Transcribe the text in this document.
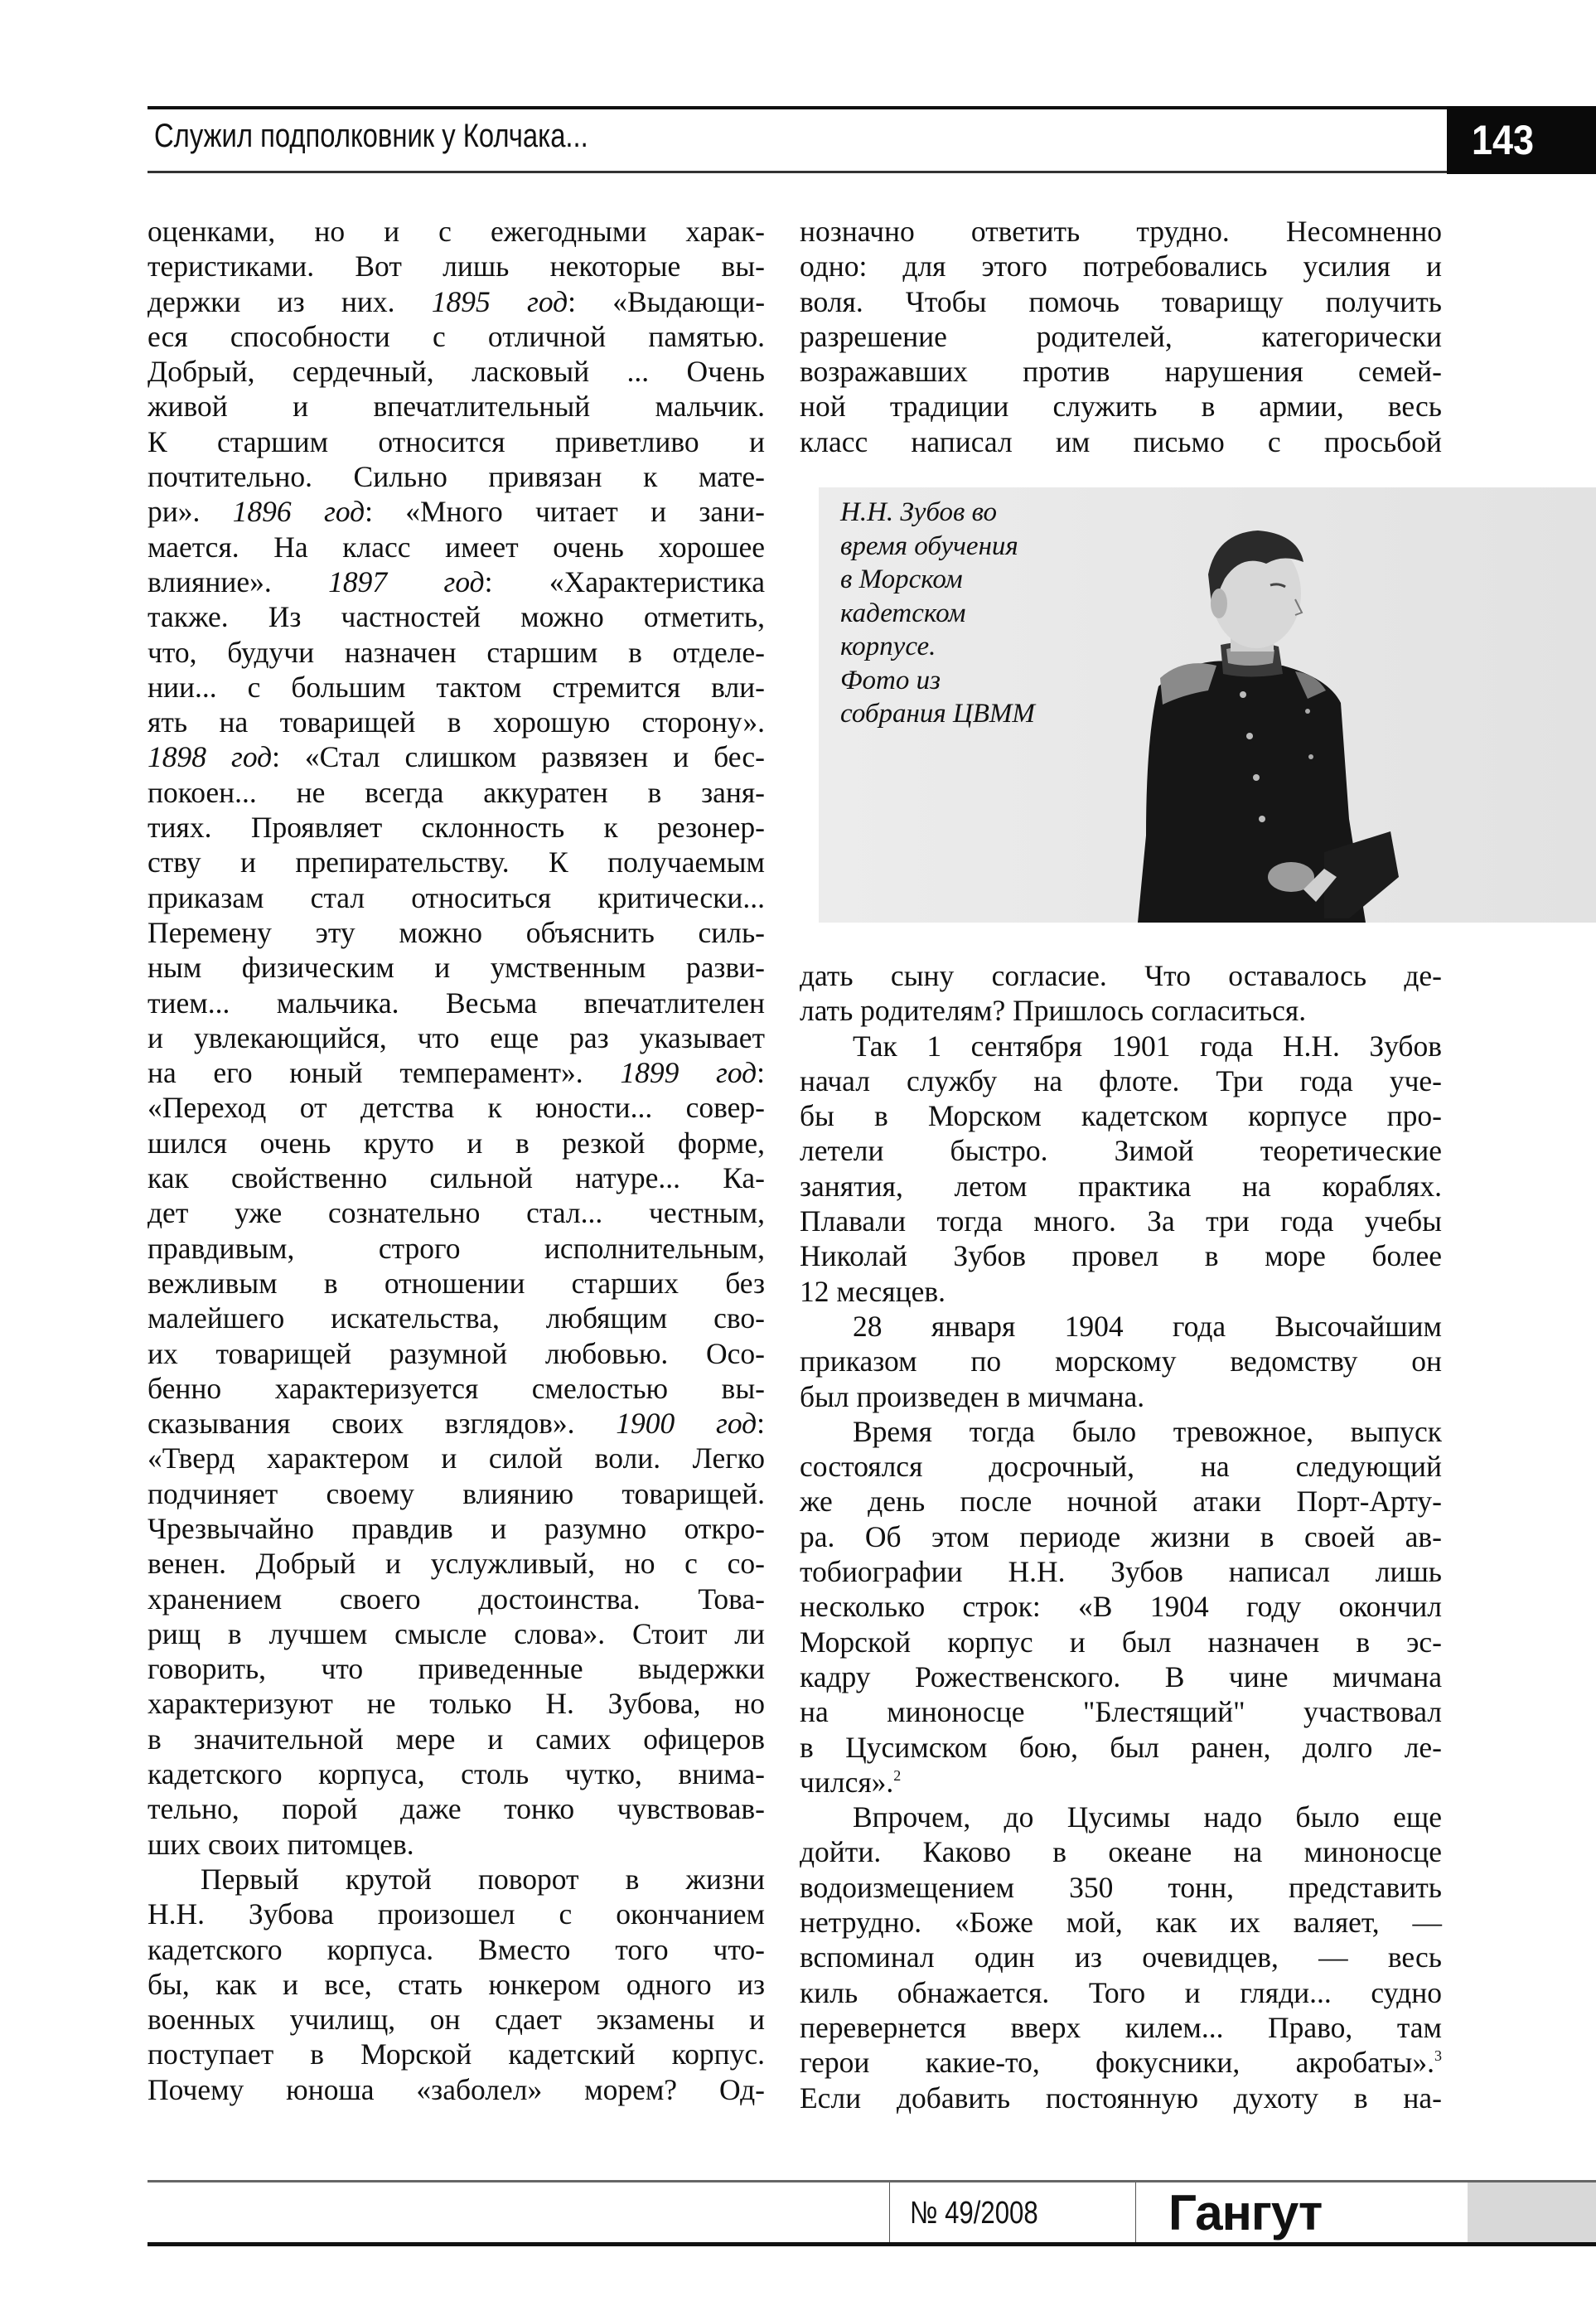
Служил подполковник у Колчака...	143
оценками, но и с ежегодными харак-
теристиками. Вот лишь некоторые вы-
держки из них. 1895 год: «Выдающи-
еся способности с отличной памятью.
Добрый, сердечный, ласковый ... Очень
живой и впечатлительный мальчик.
К старшим относится приветливо и
почтительно. Сильно привязан к мате-
ри». 1896 год: «Много читает и зани-
мается. На класс имеет очень хорошее
влияние». 1897 год: «Характеристика
также. Из частностей можно отметить,
что, будучи назначен старшим в отделе-
нии... с большим тактом стремится вли-
ять на товарищей в хорошую сторону».
1898 год: «Стал слишком развязен и бес-
покоен... не всегда аккуратен в заня-
тиях. Проявляет склонность к резонер-
ству и препирательству. К получаемым
приказам стал относиться критически...
Перемену эту можно объяснить силь-
ным физическим и умственным разви-
тием... мальчика. Весьма впечатлителен
и увлекающийся, что еще раз указывает
на его юный темперамент». 1899 год:
«Переход от детства к юности... совер-
шился очень круто и в резкой форме,
как свойственно сильной натуре... Ка-
дет уже сознательно стал... честным,
правдивым, строго исполнительным,
вежливым в отношении старших без
малейшего искательства, любящим сво-
их товарищей разумной любовью. Осо-
бенно характеризуется смелостью вы-
сказывания своих взглядов». 1900 год:
«Тверд характером и силой воли. Легко
подчиняет своему влиянию товарищей.
Чрезвычайно правдив и разумно откро-
венен. Добрый и услужливый, но с со-
хранением своего достоинства. Това-
рищ в лучшем смысле слова». Стоит ли
говорить, что приведенные выдержки
характеризуют не только Н. Зубова, но
в значительной мере и самих офицеров
кадетского корпуса, столь чутко, внима-
тельно, порой даже тонко чувствовав-
ших своих питомцев.
Первый крутой поворот в жизни
Н.Н. Зубова произошел с окончанием
кадетского корпуса. Вместо того что-
бы, как и все, стать юнкером одного из
военных училищ, он сдает экзамены и
поступает в Морской кадетский корпус.
Почему юноша «заболел» морем? Од-
нозначно ответить трудно. Несомненно
одно: для этого потребовались усилия и
воля. Чтобы помочь товарищу получить
разрешение родителей, категорически
возражавших против нарушения семей-
ной традиции служить в армии, весь
класс написал им письмо с просьбой
дать сыну согласие. Что оставалось де-
лать родителям? Пришлось согласиться.
Так 1 сентября 1901 года Н.Н. Зубов
начал службу на флоте. Три года уче-
бы в Морском кадетском корпусе про-
летели быстро. Зимой теоретические
занятия, летом практика на кораблях.
Плавали тогда много. За три года учебы
Николай Зубов провел в море более
12 месяцев.
28 января 1904 года Высочайшим
приказом по морскому ведомству он
был произведен в мичмана.
Время тогда было тревожное, выпуск
состоялся досрочный, на следующий
же день после ночной атаки Порт-Арту-
ра. Об этом периоде жизни в своей ав-
тобиографии Н.Н. Зубов написал лишь
несколько строк: «В 1904 году окончил
Морской корпус и был назначен в эс-
кадру Рожественского. В чине мичмана
на миноносце "Блестящий" участвовал
в Цусимском бою, был ранен, долго ле-
чился».$^2$
Впрочем, до Цусимы надо было еще
дойти. Каково в океане на миноносце
водоизмещением 350 тонн, представить
нетрудно. «Боже мой, как их валяет, —
вспоминал один из очевидцев, — весь
киль обнажается. Того и гляди... судно
перевернется вверх килем... Право, там
герои какие-то, фокусники, акробаты».$^3$
Если добавить постоянную духоту в на-
Н.Н. Зубов во
время обучения
в Морском
кадетском
корпусе.
Фото из
собрания ЦВММ
№ 49/2008	Гангут
